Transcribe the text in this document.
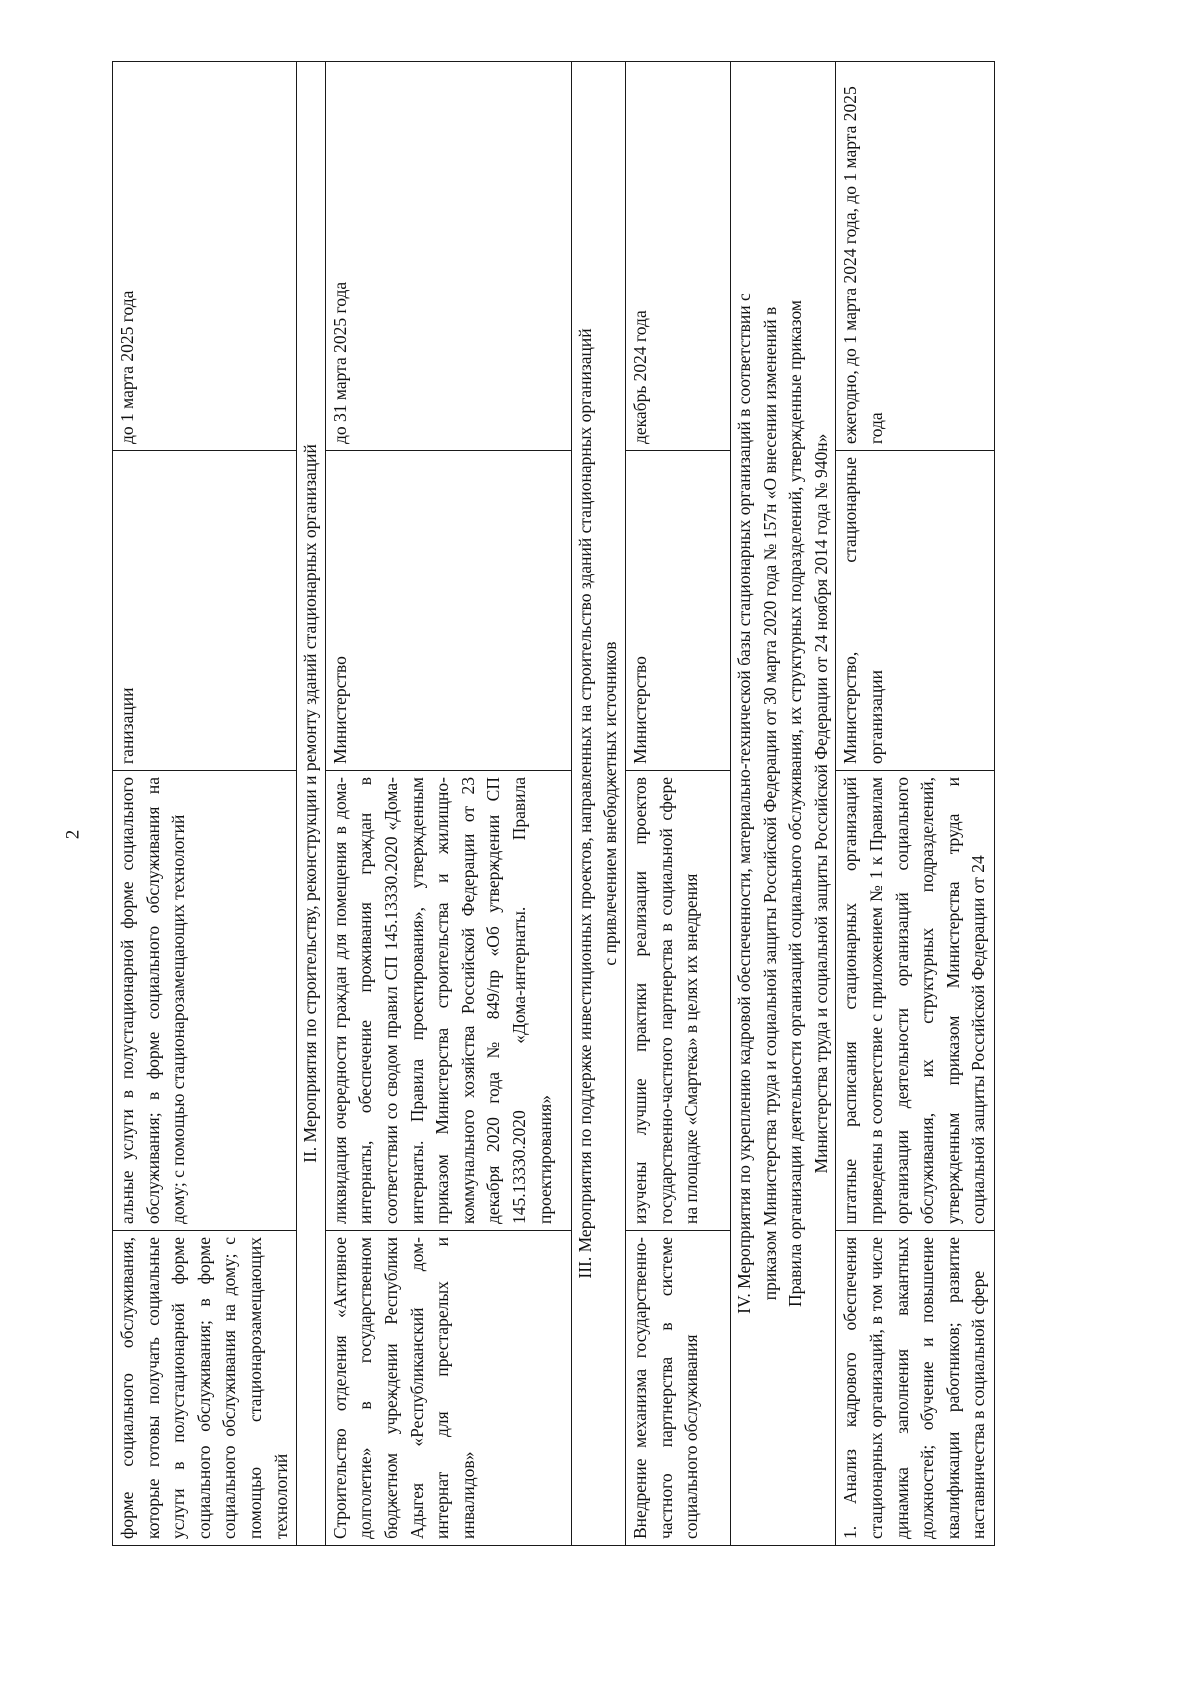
2
форме социального обслуживания, которые готовы получать социальные услуги в полустационарной форме социального обслуживания; в форме социального обслуживания на дому; с помощью стационарозамещающих технологий	альные услуги в полустационарной форме социального обслуживания; в форме социального обслуживания на дому; с помощью стационарозамещающих технологий	ганизации	до 1 марта 2025 года
II. Мероприятия по строительству, реконструкции и ремонту зданий стационарных организаций			
Строительство отделения «Активное долголетие» в государственном бюджетном учреждении Республики Адыгея «Республиканский дом-интернат для престарелых и инвалидов»	ликвидация очередности граждан для помещения в дома-интернаты, обеспечение проживания граждан в соответствии со сводом правил СП 145.13330.2020 «Дома-интернаты. Правила проектирования», утвержденным приказом Министерства строительства и жилищно-коммунального хозяйства Российской Федерации от 23 декабря 2020 года № 849/пр «Об утверждении СП 145.13330.2020 «Дома-интернаты. Правила проектирования»	Министерство	до 31 марта 2025 года

III. Мероприятия по поддержке инвестиционных проектов, направленных на строительство зданий стационарных организаций с привлечением внебюджетных источников			

Внедрение механизма государственно-частного партнерства в системе социального обслуживания	изучены лучшие практики реализации проектов государственно-частного партнерства в социальной сфере на площадке «Смартека» в целях их внедрения	Министерство	декабрь 2024 года

IV. Мероприятия по укреплению кадровой обеспеченности, материально-технической базы стационарных организаций в соответствии с приказом Министерства труда и социальной защиты Российской Федерации от 30 марта 2020 года № 157н «О внесении изменений в Правила организации деятельности организаций социального обслуживания, их структурных подразделений, утвержденные приказом Министерства труда и социальной защиты Российской Федерации от 24 ноября 2014 года № 940н»			

1. Анализ кадрового обеспечения стационарных организаций, в том числе динамика заполнения вакантных должностей; обучение и повышение квалификации работников; развитие наставничества в социальной сфере	штатные расписания стационарных организаций приведены в соответствие с приложением № 1 к Правилам организации деятельности организаций социального обслуживания, их структурных подразделений, утвержденным приказом Министерства труда и социальной защиты Российской Федерации от 24	Министерство, стационарные организации	ежегодно, до 1 марта 2024 года, до 1 марта 2025 года
